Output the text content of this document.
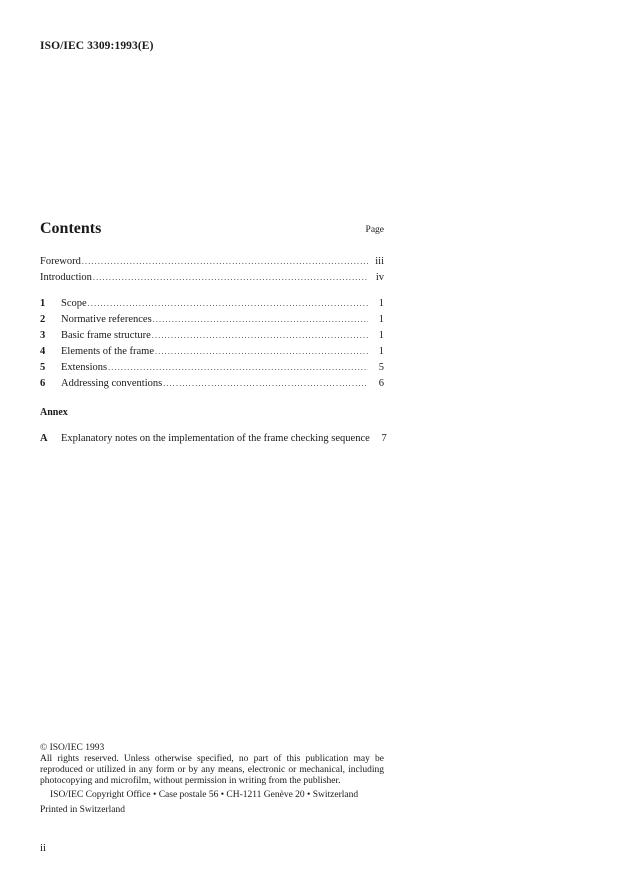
ISO/IEC 3309:1993(E)
Contents	Page
Foreword .....	iii
Introduction .....	iv
1	Scope .....	1
2	Normative references .....	1
3	Basic frame structure .....	1
4	Elements of the frame .....	1
5	Extensions .....	5
6	Addressing conventions .....	6
Annex
A	Explanatory notes on the implementation of the frame checking sequence	7
© ISO/IEC 1993
All rights reserved. Unless otherwise specified, no part of this publication may be reproduced or utilized in any form or by any means, electronic or mechanical, including photocopying and microfilm, without permission in writing from the publisher.
ISO/IEC Copyright Office • Case postale 56 • CH-1211 Genève 20 • Switzerland
Printed in Switzerland
ii
